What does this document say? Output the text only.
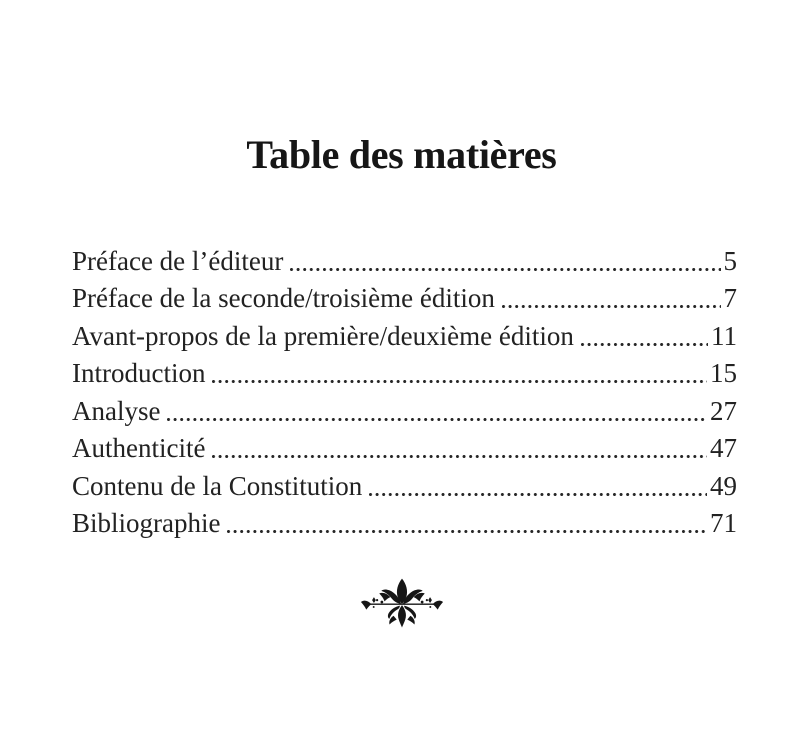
Table des matières
Préface de l’éditeur	5
Préface de la seconde/troisième édition	7
Avant-propos de la première/deuxième édition	11
Introduction	15
Analyse	27
Authenticité	47
Contenu de la Constitution	49
Bibliographie	71
